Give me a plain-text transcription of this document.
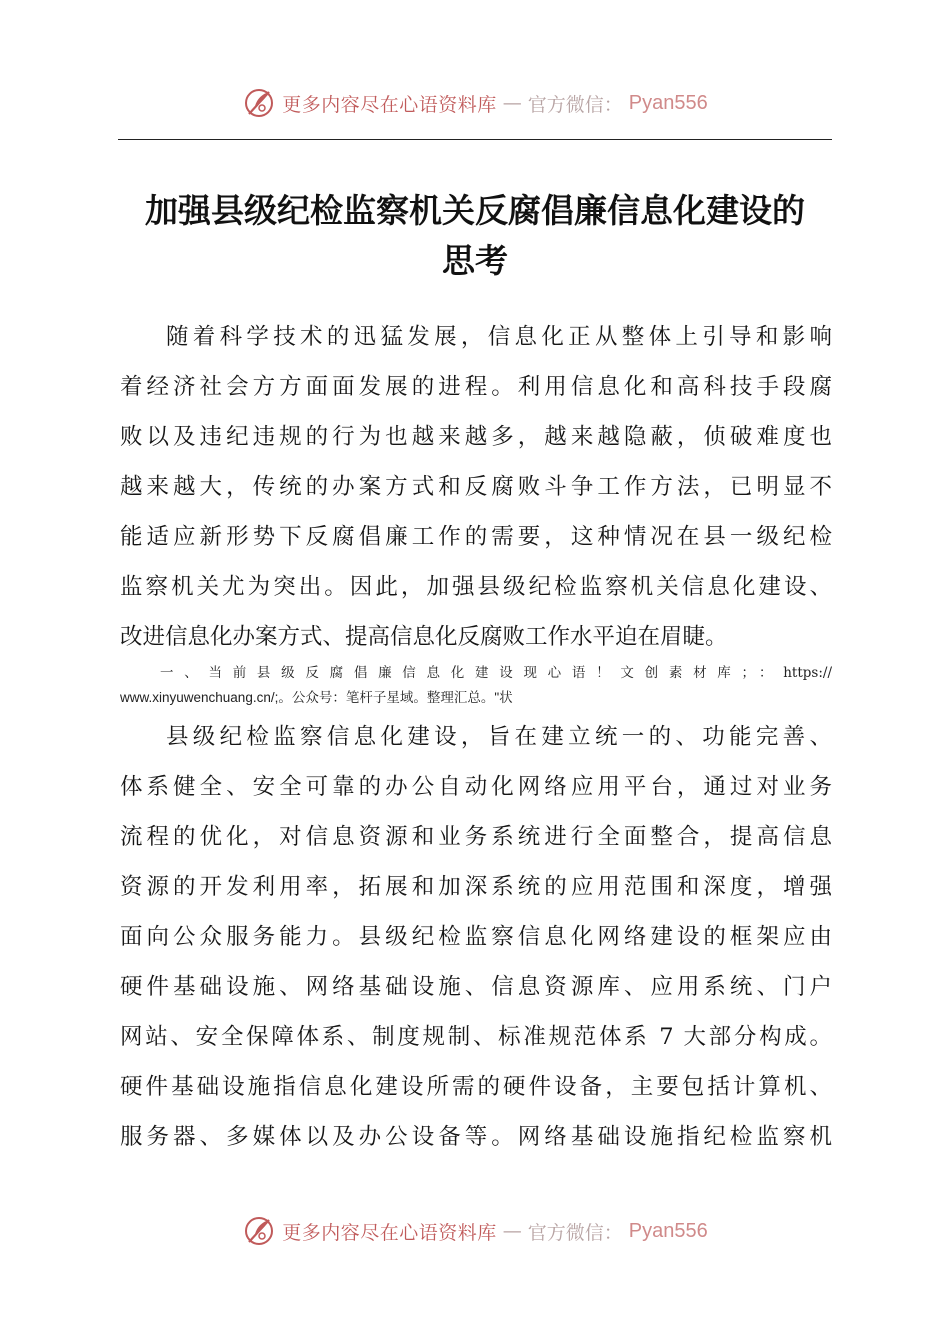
更多内容尽在心语资料库 — 官方微信： Pyan556
加强县级纪检监察机关反腐倡廉信息化建设的
思考
随着科学技术的迅猛发展，信息化正从整体上引导和影响
着经济社会方方面面发展的进程。利用信息化和高科技手段腐
败以及违纪违规的行为也越来越多，越来越隐蔽，侦破难度也
越来越大，传统的办案方式和反腐败斗争工作方法，已明显不
能适应新形势下反腐倡廉工作的需要，这种情况在县一级纪检
监察机关尤为突出。因此，加强县级纪检监察机关信息化建设、
改进信息化办案方式、提高信息化反腐败工作水平迫在眉睫。
一、当前县级反腐倡廉信息化建设现心语！文创素材库；：https://
www.xinyuwenchuang.cn/;。公众号：笔杆子星域。整理汇总。"状
县级纪检监察信息化建设，旨在建立统一的、功能完善、
体系健全、安全可靠的办公自动化网络应用平台，通过对业务
流程的优化，对信息资源和业务系统进行全面整合，提高信息
资源的开发利用率，拓展和加深系统的应用范围和深度，增强
面向公众服务能力。县级纪检监察信息化网络建设的框架应由
硬件基础设施、网络基础设施、信息资源库、应用系统、门户
网站、安全保障体系、制度规制、标准规范体系 7 大部分构成。
硬件基础设施指信息化建设所需的硬件设备，主要包括计算机、
服务器、多媒体以及办公设备等。网络基础设施指纪检监察机
更多内容尽在心语资料库 — 官方微信： Pyan556
